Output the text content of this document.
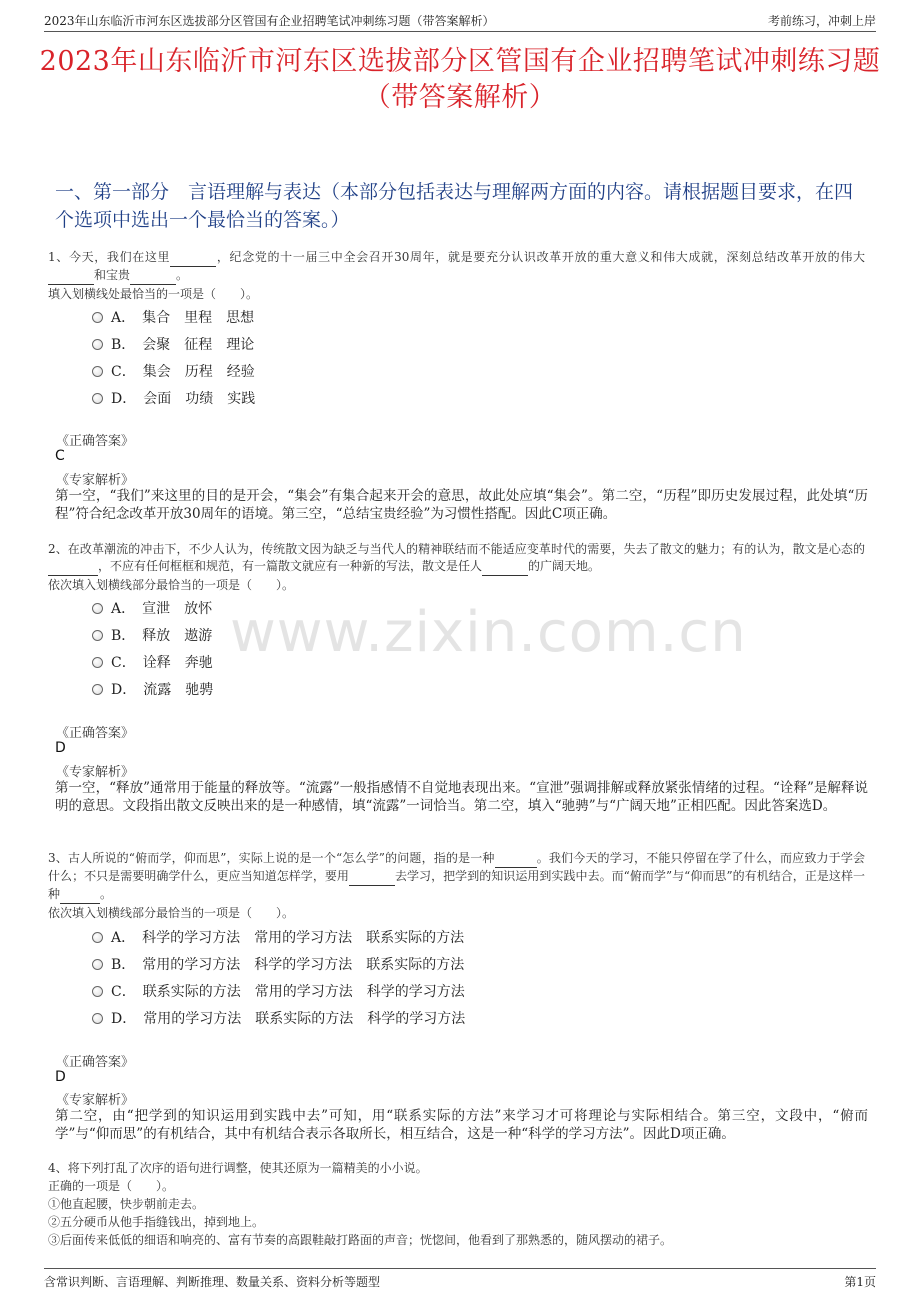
2023年山东临沂市河东区选拔部分区管国有企业招聘笔试冲刺练习题（带答案解析）	考前练习，冲刺上岸
www.zixin.com.cn
2023年山东临沂市河东区选拔部分区管国有企业招聘笔试冲刺练习题（带答案解析）
一、第一部分　言语理解与表达（本部分包括表达与理解两方面的内容。请根据题目要求，在四个选项中选出一个最恰当的答案。）
1、今天，我们在这里	，纪念党的十一届三中全会召开30周年，就是要充分认识改革开放的重大意义和伟大成就，深刻总结改革开放的伟大 和宝贵	。
填入划横线处最恰当的一项是（　　）。
A．　集合　里程　思想
B．　会聚　征程　理论
C．　集会　历程　经验
D．　会面　功绩　实践
《正确答案》
C
《专家解析》
第一空，“我们”来这里的目的是开会，“集会”有集合起来开会的意思，故此处应填“集会”。第二空，“历程”即历史发展过程，此处填“历程”符合纪念改革开放30周年的语境。第三空，“总结宝贵经验”为习惯性搭配。因此C项正确。
2、在改革潮流的冲击下，不少人认为，传统散文因为缺乏与当代人的精神联结而不能适应变革时代的需要，失去了散文的魅力；有的认为，散文是心态的 ，不应有任何框框和规范，有一篇散文就应有一种新的写法，散文是任人	的广阔天地。
依次填入划横线部分最恰当的一项是（　　）。
A．　宣泄　放怀
B．　释放　遨游
C．　诠释　奔驰
D．　流露　驰骋
《正确答案》
D
《专家解析》
第一空，“释放”通常用于能量的释放等。“流露”一般指感情不自觉地表现出来。“宣泄”强调排解或释放紧张情绪的过程。“诠释”是解释说明的意思。文段指出散文反映出来的是一种感情，填“流露”一词恰当。第二空，填入“驰骋”与“广阔天地”正相匹配。因此答案选D。
3、古人所说的“俯而学，仰而思”，实际上说的是一个“怎么学”的问题，指的是一种	。我们今天的学习，不能只停留在学了什么，而应致力于学会什么；不只是需要明确学什么，更应当知道怎样学，要用	去学习，把学到的知识运用到实践中去。而“俯而学”与“仰而思”的有机结合，正是这样一种	。
依次填入划横线部分最恰当的一项是（　　）。
A．　科学的学习方法　常用的学习方法　联系实际的方法
B．　常用的学习方法　科学的学习方法　联系实际的方法
C．　联系实际的方法　常用的学习方法　科学的学习方法
D．　常用的学习方法　联系实际的方法　科学的学习方法
《正确答案》
D
《专家解析》
第二空，由“把学到的知识运用到实践中去”可知，用“联系实际的方法”来学习才可将理论与实际相结合。第三空，文段中，“俯而学”与“仰而思”的有机结合，其中有机结合表示各取所长，相互结合，这是一种“科学的学习方法”。因此D项正确。
4、将下列打乱了次序的语句进行调整，使其还原为一篇精美的小小说。
正确的一项是（　　）。
①他直起腰，快步朝前走去。
②五分硬币从他手指缝钱出，掉到地上。
③后面传来低低的细语和响亮的、富有节奏的高跟鞋敲打路面的声音；恍惚间，他看到了那熟悉的，随风摆动的裙子。
含常识判断、言语理解、判断推理、数量关系、资料分析等题型	第1页
